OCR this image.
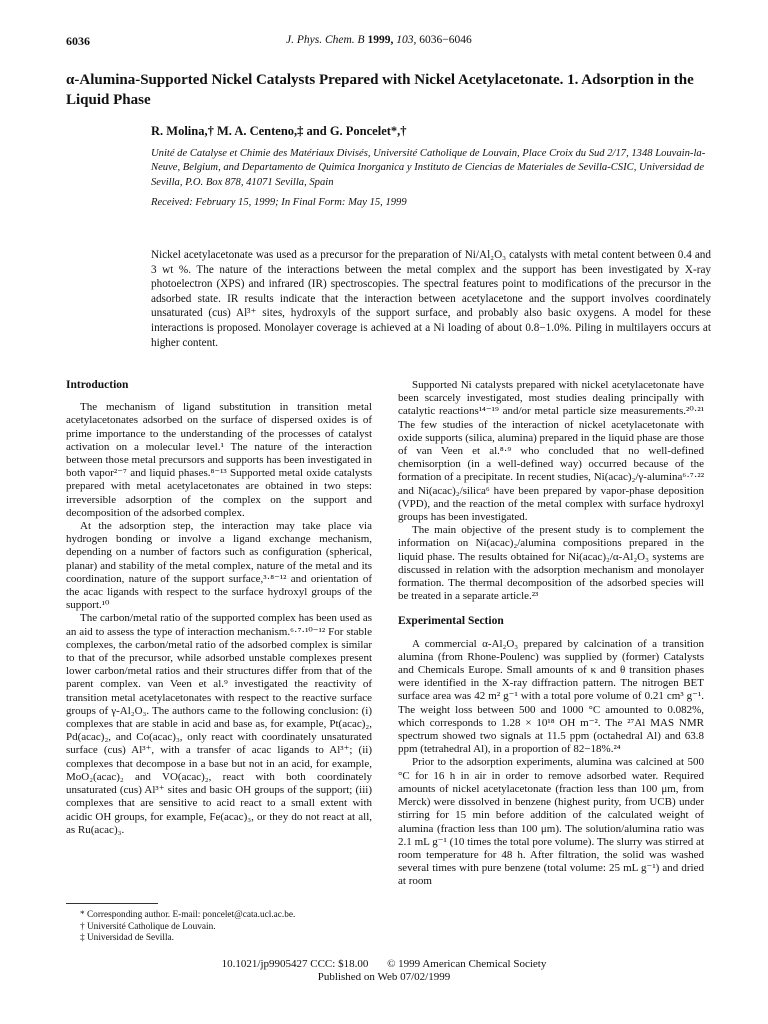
6036	J. Phys. Chem. B 1999, 103, 6036−6046
α-Alumina-Supported Nickel Catalysts Prepared with Nickel Acetylacetonate. 1. Adsorption in the Liquid Phase
R. Molina,† M. A. Centeno,‡ and G. Poncelet*,†
Unité de Catalyse et Chimie des Matériaux Divisés, Université Catholique de Louvain, Place Croix du Sud 2/17, 1348 Louvain-la-Neuve, Belgium, and Departamento de Quimica Inorganica y Instituto de Ciencias de Materiales de Sevilla-CSIC, Universidad de Sevilla, P.O. Box 878, 41071 Sevilla, Spain
Received: February 15, 1999; In Final Form: May 15, 1999
Nickel acetylacetonate was used as a precursor for the preparation of Ni/Al₂O₃ catalysts with metal content between 0.4 and 3 wt %. The nature of the interactions between the metal complex and the support has been investigated by X-ray photoelectron (XPS) and infrared (IR) spectroscopies. The spectral features point to modifications of the precursor in the adsorbed state. IR results indicate that the interaction between acetylacetone and the support involves coordinately unsaturated (cus) Al³⁺ sites, hydroxyls of the support surface, and probably also basic oxygens. A model for these interactions is proposed. Monolayer coverage is achieved at a Ni loading of about 0.8−1.0%. Piling in multilayers occurs at higher content.
Introduction

The mechanism of ligand substitution in transition metal acetylacetonates adsorbed on the surface of dispersed oxides is of prime importance to the understanding of the processes of catalyst activation on a molecular level.¹ The nature of the interaction between those metal precursors and supports has been investigated in both vapor²⁻⁷ and liquid phases.⁸⁻¹³ Supported metal oxide catalysts prepared with metal acetylacetonates are obtained in two steps: irreversible adsorption of the complex on the support and decomposition of the adsorbed complex.

At the adsorption step, the interaction may take place via hydrogen bonding or involve a ligand exchange mechanism, depending on a number of factors such as configuration (spherical, planar) and stability of the metal complex, nature of the metal and its coordination, nature of the support surface,³·⁸⁻¹² and orientation of the acac ligands with respect to the surface hydroxyl groups of the support.¹⁰

The carbon/metal ratio of the supported complex has been used as an aid to assess the type of interaction mechanism.⁶·⁷·¹⁰⁻¹² For stable complexes, the carbon/metal ratio of the adsorbed complex is similar to that of the precursor, while adsorbed unstable complexes present lower carbon/metal ratios and their structures differ from that of the parent complex. van Veen et al.⁹ investigated the reactivity of transition metal acetylacetonates with respect to the reactive surface groups of γ-Al₂O₃. The authors came to the following conclusion: (i) complexes that are stable in acid and base as, for example, Pt(acac)₂, Pd(acac)₂, and Co(acac)₃, only react with coordinately unsaturated surface (cus) Al³⁺, with a transfer of acac ligands to Al³⁺; (ii) complexes that decompose in a base but not in an acid, for example, MoO₂(acac)₂ and VO(acac)₂, react with both coordinately unsaturated (cus) Al³⁺ sites and basic OH groups of the support; (iii) complexes that are sensitive to acid react to a small extent with acidic OH groups, for example, Fe(acac)₃, or they do not react at all, as Ru(acac)₃.

Supported Ni catalysts prepared with nickel acetylacetonate have been scarcely investigated, most studies dealing principally with catalytic reactions¹⁴⁻¹⁹ and/or metal particle size measurements.²⁰·²¹ The few studies of the interaction of nickel acetylacetonate with oxide supports (silica, alumina) prepared in the liquid phase are those of van Veen et al.⁸·⁹ who concluded that no well-defined chemisorption (in a well-defined way) occurred because of the formation of a precipitate. In recent studies, Ni(acac)₂/γ-alumina⁶·⁷·²² and Ni(acac)₂/silica⁶ have been prepared by vapor-phase deposition (VPD), and the reaction of the metal complex with surface hydroxyl groups has been investigated.

The main objective of the present study is to complement the information on Ni(acac)₂/alumina compositions prepared in the liquid phase. The results obtained for Ni(acac)₂/α-Al₂O₃ systems are discussed in relation with the adsorption mechanism and monolayer formation. The thermal decomposition of the adsorbed species will be treated in a separate article.²³

Experimental Section

A commercial α-Al₂O₃ prepared by calcination of a transition alumina (from Rhone-Poulenc) was supplied by (former) Catalysts and Chemicals Europe. Small amounts of κ and θ transition phases were identified in the X-ray diffraction pattern. The nitrogen BET surface area was 42 m² g⁻¹ with a total pore volume of 0.21 cm³ g⁻¹. The weight loss between 500 and 1000 °C amounted to 0.082%, which corresponds to 1.28 × 10¹⁸ OH m⁻². The ²⁷Al MAS NMR spectrum showed two signals at 11.5 ppm (octahedral Al) and 63.8 ppm (tetrahedral Al), in a proportion of 82−18%.²⁴

Prior to the adsorption experiments, alumina was calcined at 500 °C for 16 h in air in order to remove adsorbed water. Required amounts of nickel acetylacetonate (fraction less than 100 μm, from Merck) were dissolved in benzene (highest purity, from UCB) under stirring for 15 min before addition of the calculated weight of alumina (fraction less than 100 μm). The solution/alumina ratio was 2.1 mL g⁻¹ (10 times the total pore volume). The slurry was stirred at room temperature for 48 h. After filtration, the solid was washed several times with pure benzene (total volume: 25 mL g⁻¹) and dried at room

* Corresponding author. E-mail: poncelet@cata.ucl.ac.be.
† Université Catholique de Louvain.
‡ Universidad de Sevilla.
10.1021/jp9905427 CCC: $18.00 © 1999 American Chemical Society
Published on Web 07/02/1999
